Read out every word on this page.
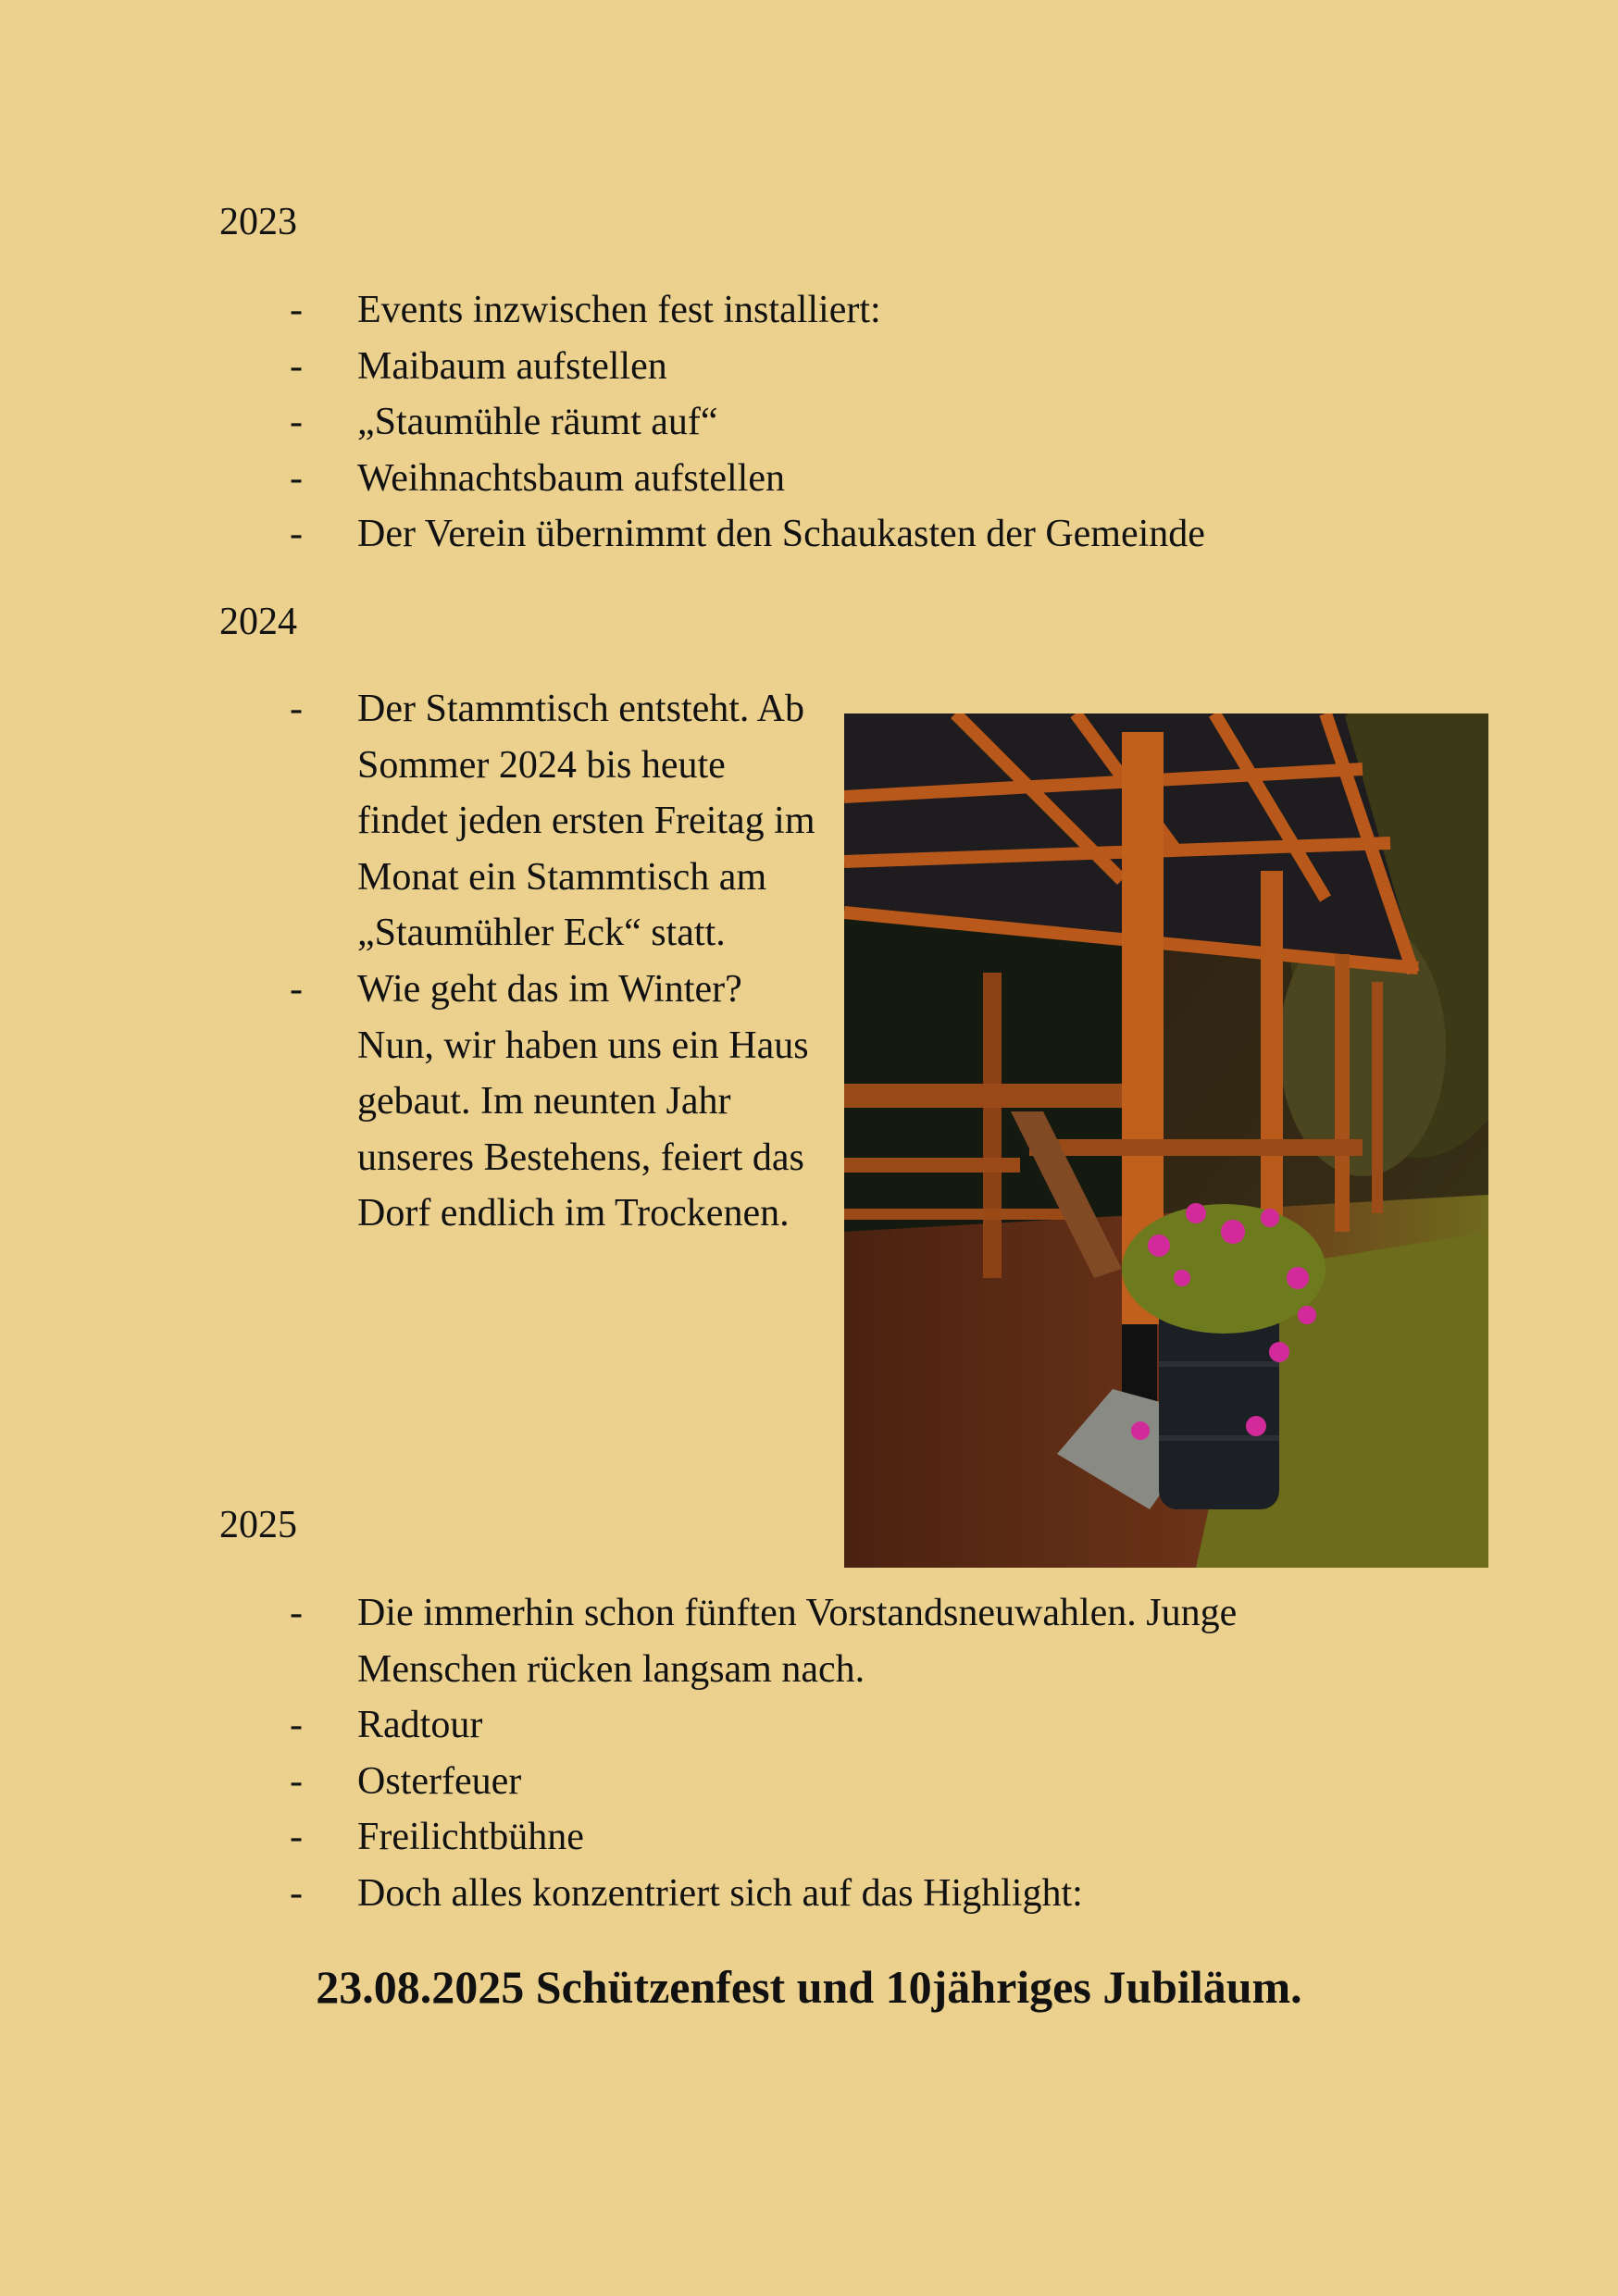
2023
- Events inzwischen fest installiert:
- Maibaum aufstellen
- „Staumühle räumt auf“
- Weihnachtsbaum aufstellen
- Der Verein übernimmt den Schaukasten der Gemeinde
2024
- Der Stammtisch entsteht. Ab Sommer 2024 bis heute findet jeden ersten Freitag im Monat ein Stammtisch am „Staumühler Eck“ statt.
- Wie geht das im Winter? Nun, wir haben uns ein Haus gebaut. Im neunten Jahr unseres Bestehens, feiert das Dorf endlich im Trockenen.
2025
- Die immerhin schon fünften Vorstandsneuwahlen. Junge Menschen rücken langsam nach.
- Radtour
- Osterfeuer
- Freilichtbühne
- Doch alles konzentriert sich auf das Highlight:
23.08.2025 Schützenfest und 10jähriges Jubiläum.
